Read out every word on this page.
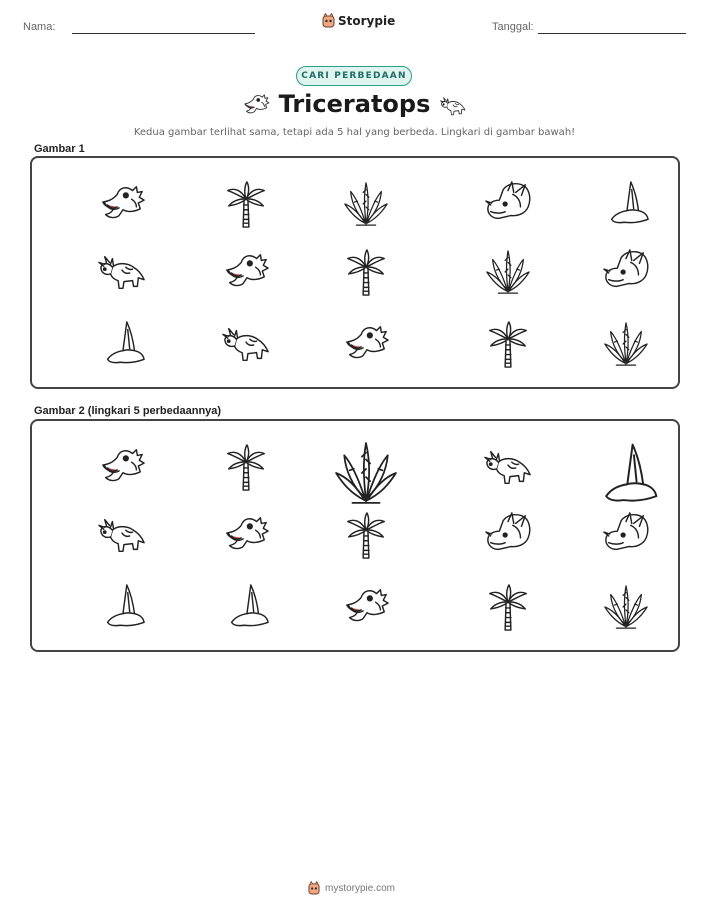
Nama:	Storypie	Tanggal:
CARI PERBEDAAN
Triceratops
Kedua gambar terlihat sama, tetapi ada 5 hal yang berbeda. Lingkari di gambar bawah!
Gambar 1
Gambar 2 (lingkari 5 perbedaannya)
mystorypie.com
